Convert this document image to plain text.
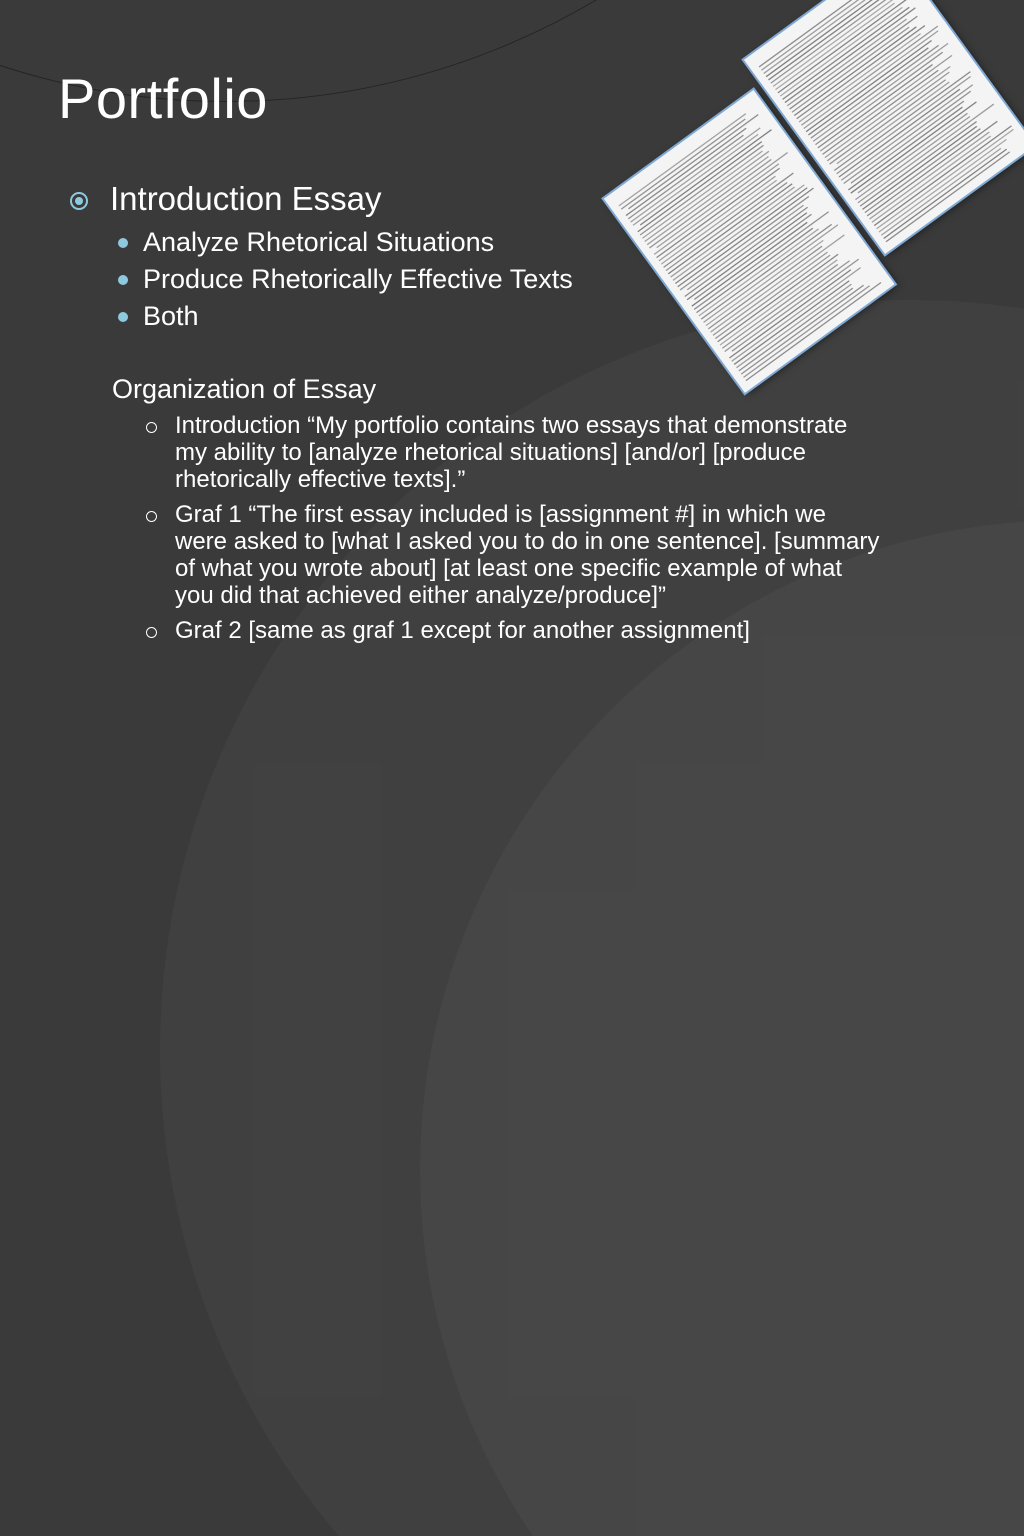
Portfolio
Introduction Essay
Analyze Rhetorical Situations
Produce Rhetorically Effective Texts
Both
Organization of Essay
Introduction “My portfolio contains two essays that demonstrate my ability to [analyze rhetorical situations] [and/or] [produce rhetorically effective texts].”
Graf 1 “The first essay included is [assignment #] in which we were asked to [what I asked you to do in one sentence]. [summary of what you wrote about] [at least one specific example of what you did that achieved either analyze/produce]”
Graf 2 [same as graf 1 except for another assignment]
